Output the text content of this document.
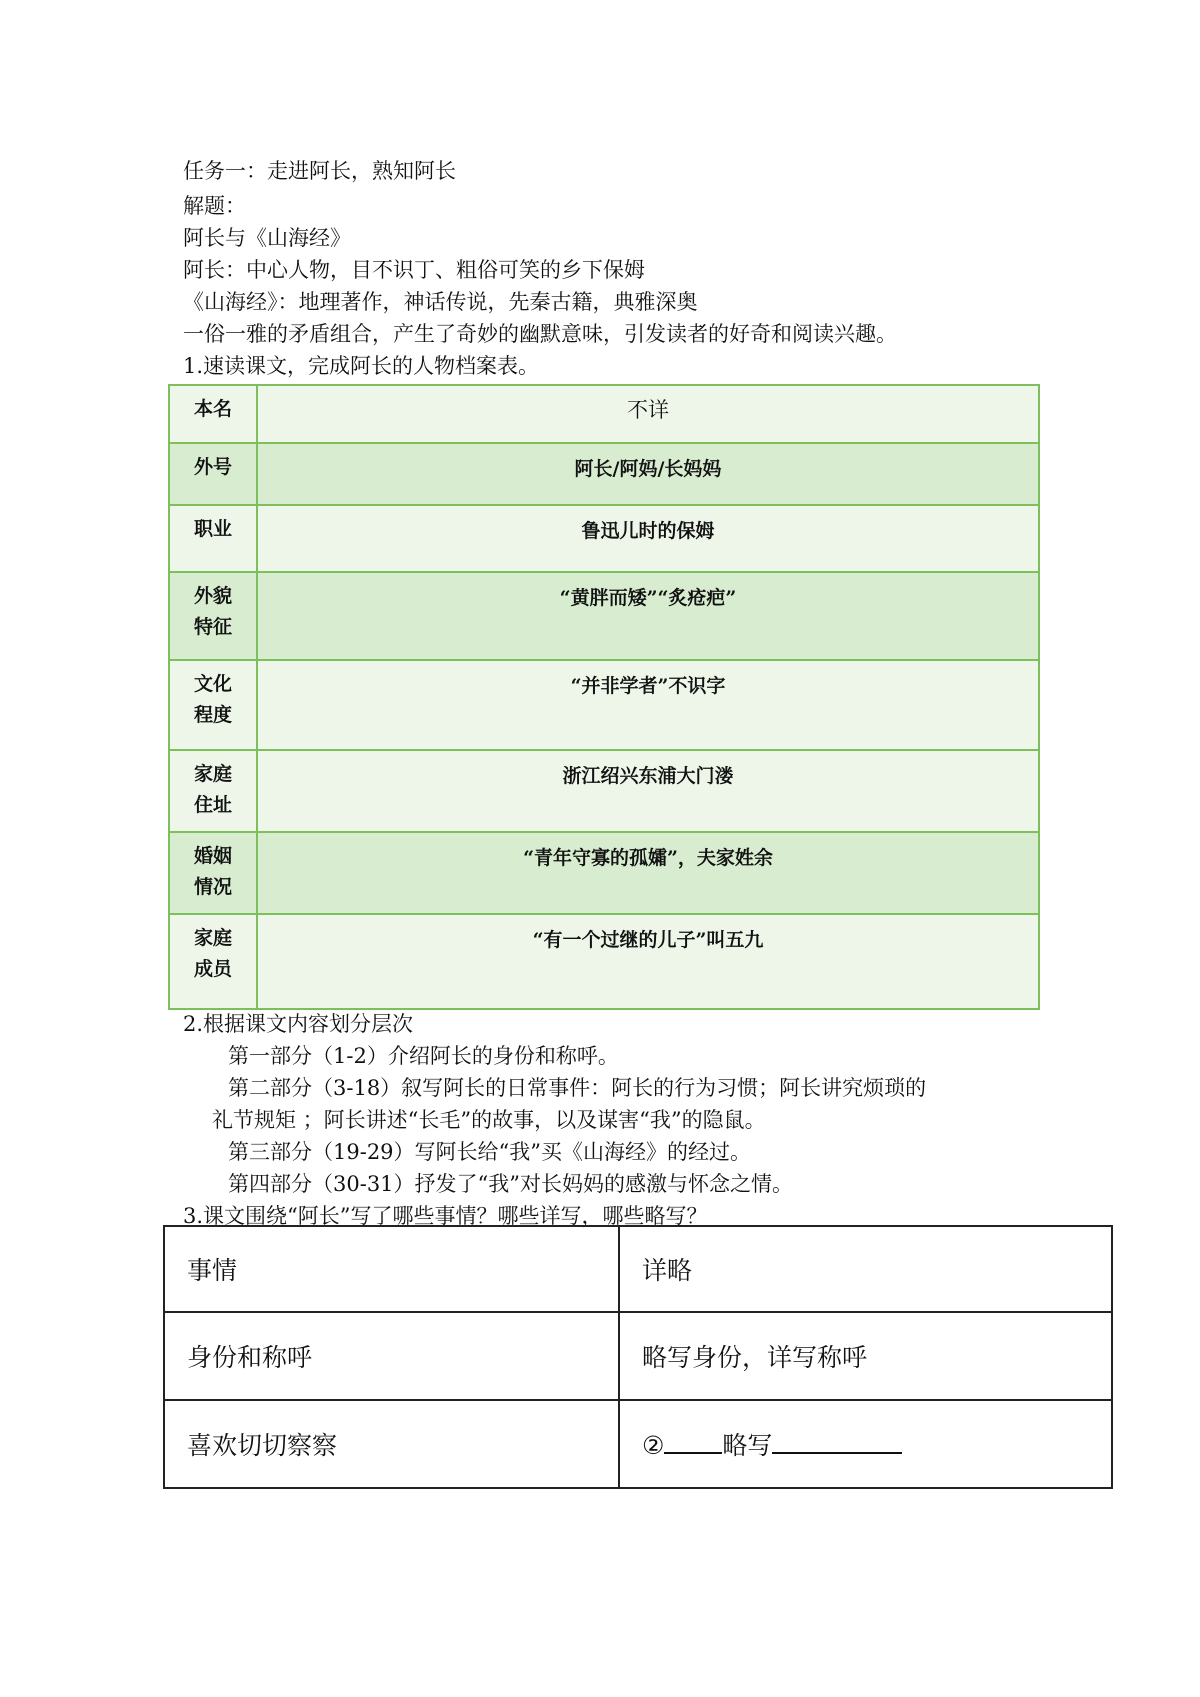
任务一：走进阿长，熟知阿长
解题：
阿长与《山海经》
阿长：中心人物，目不识丁、粗俗可笑的乡下保姆
《山海经》：地理著作，神话传说，先秦古籍，典雅深奥
一俗一雅的矛盾组合，产生了奇妙的幽默意味，引发读者的好奇和阅读兴趣。
1.速读课文，完成阿长的人物档案表。
本名	不详
外号	阿长/阿妈/长妈妈
职业	鲁迅儿时的保姆
外貌
特征	“黄胖而矮”“炙疮疤”
文化
程度	“并非学者”不识字
家庭
住址	浙江绍兴东浦大门溇
婚姻
情况	“青年守寡的孤孀”，夫家姓余
家庭
成员	“有一个过继的儿子”叫五九
2.根据课文内容划分层次
第一部分（1-2）介绍阿长的身份和称呼。
第二部分（3-18）叙写阿长的日常事件：阿长的行为习惯；阿长讲究烦琐的
礼节规矩 ；阿长讲述“长毛”的故事，以及谋害“我”的隐鼠。
第三部分（19-29）写阿长给“我”买《山海经》的经过。
第四部分（30-31）抒发了“我”对长妈妈的感激与怀念之情。
3.课文围绕“阿长”写了哪些事情？哪些详写，哪些略写？
事情	详略
身份和称呼	略写身份，详写称呼
喜欢切切察察	② 略写
